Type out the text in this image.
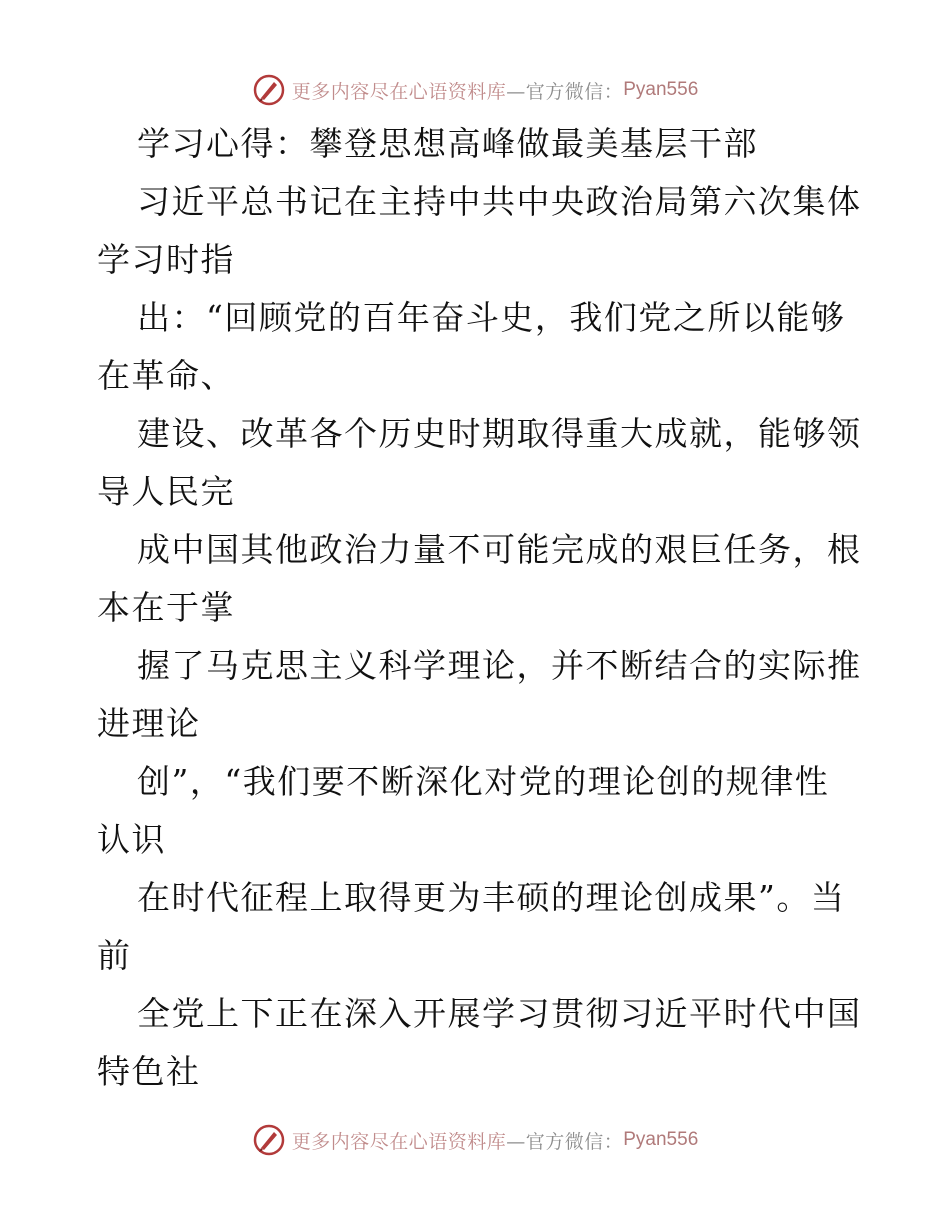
更多内容尽在心语资料库 —官方微信： Pyan556
学习心得：攀登思想高峰做最美基层干部
习近平总书记在主持中共中央政治局第六次集体
学习时指
出：“回顾党的百年奋斗史，我们党之所以能够
在革命、
建设、改革各个历史时期取得重大成就，能够领
导人民完
成中国其他政治力量不可能完成的艰巨任务，根
本在于掌
握了马克思主义科学理论，并不断结合的实际推
进理论
创”，“我们要不断深化对党的理论创的规律性
认识
在时代征程上取得更为丰硕的理论创成果”。当
前
全党上下正在深入开展学习贯彻习近平时代中国
特色社
更多内容尽在心语资料库 —官方微信： Pyan556
